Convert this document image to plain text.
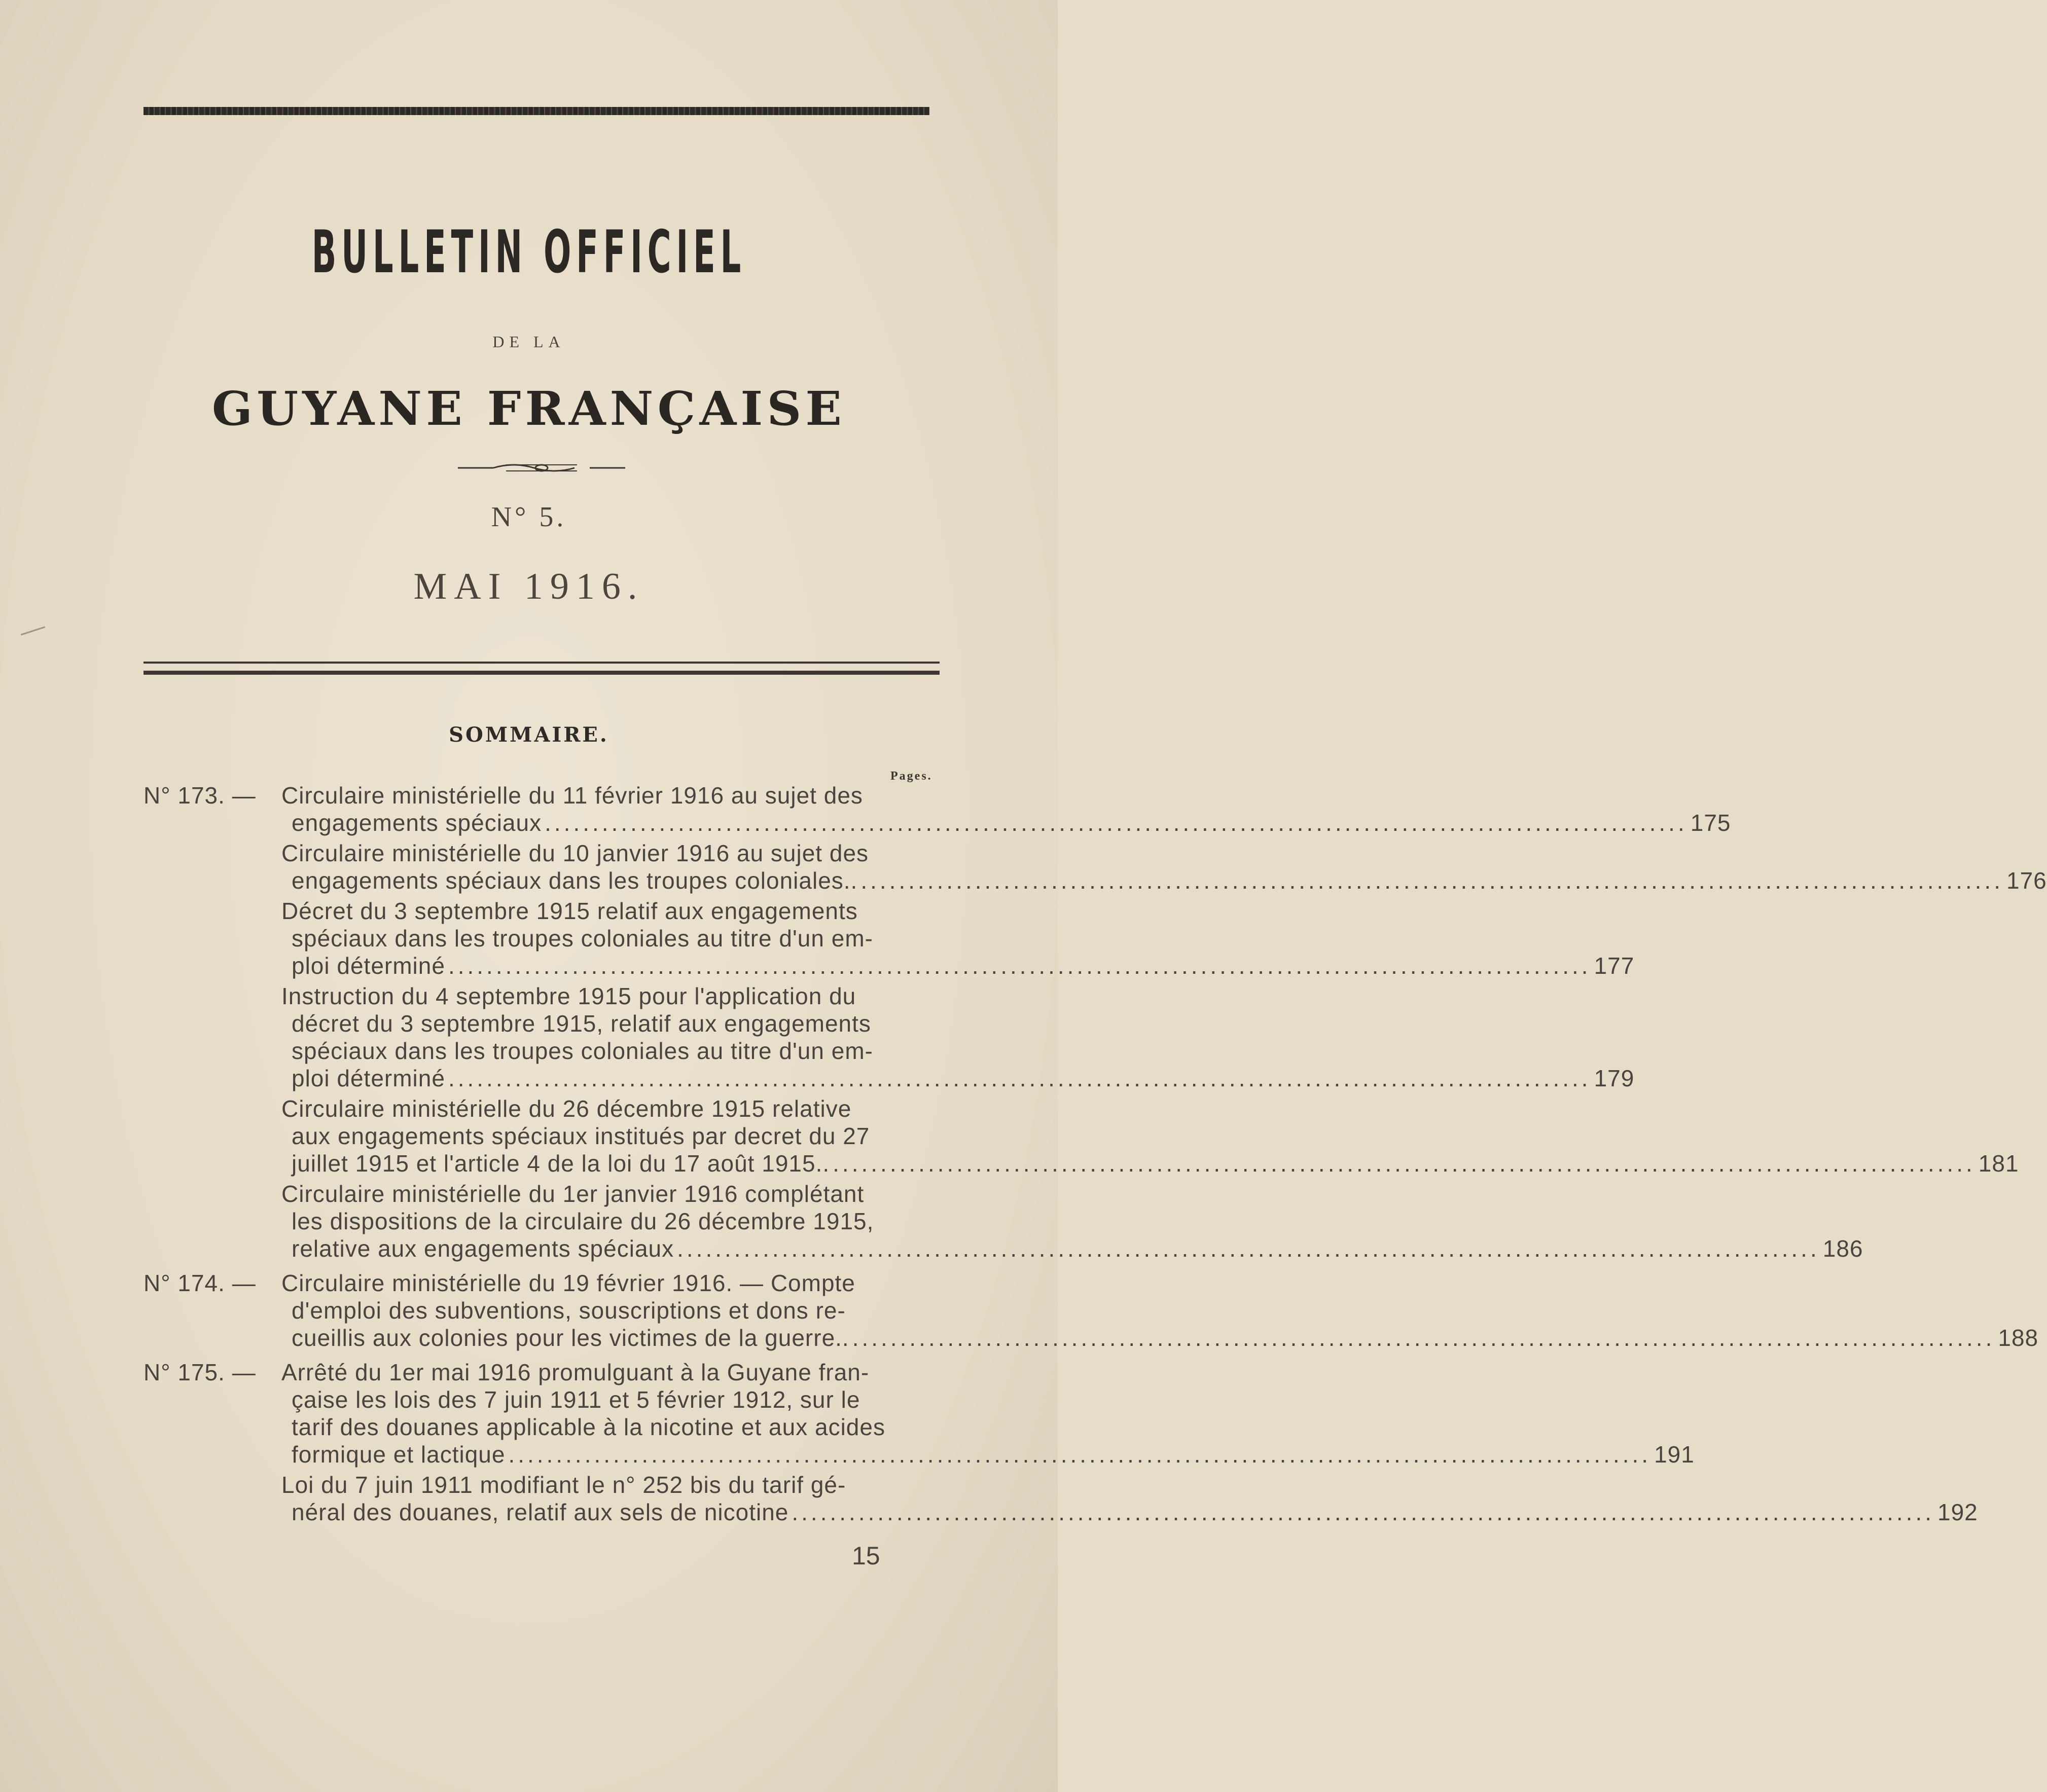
BULLETIN OFFICIEL
DE LA
GUYANE FRANÇAISE
N° 5.
MAI 1916.
SOMMAIRE.
Pages.
N° 173. —	Circulaire ministérielle du 11 février 1916 au sujet des
engagements spéciaux ........................................................................................................................ 175
Circulaire ministérielle du 10 janvier 1916 au sujet des
engagements spéciaux dans les troupes coloniales.. ........................................................................................................................ 176
Décret du 3 septembre 1915 relatif aux engagements
spéciaux dans les troupes coloniales au titre d'un em-
ploi déterminé ........................................................................................................................ 177
Instruction du 4 septembre 1915 pour l'application du
décret du 3 septembre 1915, relatif aux engagements
spéciaux dans les troupes coloniales au titre d'un em-
ploi déterminé ........................................................................................................................ 179
Circulaire ministérielle du 26 décembre 1915 relative
aux engagements spéciaux institués par decret du 27
juillet 1915 et l'article 4 de la loi du 17 août 1915.. ........................................................................................................................ 181
Circulaire ministérielle du 1er janvier 1916 complétant
les dispositions de la circulaire du 26 décembre 1915,
relative aux engagements spéciaux ........................................................................................................................ 186
N° 174. —	Circulaire ministérielle du 19 février 1916. — Compte
d'emploi des subventions, souscriptions et dons re-
cueillis aux colonies pour les victimes de la guerre.. ........................................................................................................................ 188
N° 175. —	Arrêté du 1er mai 1916 promulguant à la Guyane fran-
çaise les lois des 7 juin 1911 et 5 février 1912, sur le
tarif des douanes applicable à la nicotine et aux acides
formique et lactique ........................................................................................................................ 191
Loi du 7 juin 1911 modifiant le n° 252 bis du tarif gé-
néral des douanes, relatif aux sels de nicotine ........................................................................................................................ 192
15
